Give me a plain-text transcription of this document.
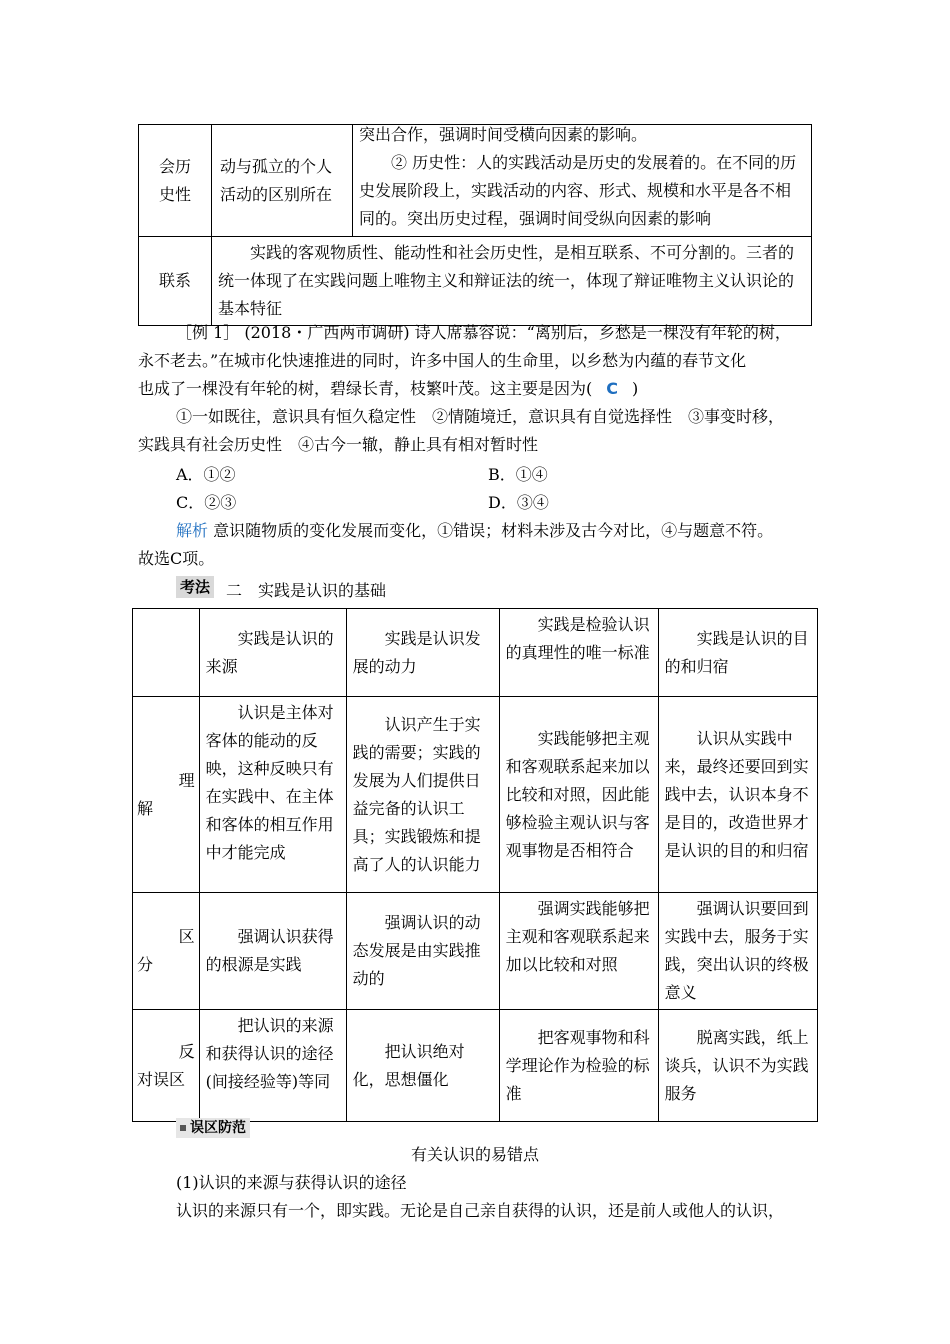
会历史性	动与孤立的个人活动的区别所在	突出合作，强调时间受横向因素的影响。
② 历史性：人的实践活动是历史的发展着的。在不同的历史发展阶段上，实践活动的内容、形式、规模和水平是各不相同的。突出历史过程，强调时间受纵向因素的影响

联系	实践的客观物质性、能动性和社会历史性，是相互联系、不可分割的。三者的统一体现了在实践问题上唯物主义和辩证法的统一，体现了辩证唯物主义认识论的基本特征	
［例 1］ (2018・广西两市调研) 诗人席慕容说：“离别后，乡愁是一棵没有年轮的树，
永不老去。”在城市化快速推进的同时，许多中国人的生命里，以乡愁为内蕴的春节文化
也成了一棵没有年轮的树，碧绿长青，枝繁叶茂。这主要是因为( C )
①一如既往，意识具有恒久稳定性　②情随境迁，意识具有自觉选择性　③事变时移，
实践具有社会历史性　④古今一辙，静止具有相对暂时性
A．①②	B．①④
C．②③	D．③④
解析 意识随物质的变化发展而变化，①错误；材料未涉及古今对比，④与题意不符。
故选C项。
考法 二　实践是认识的基础

	实践是认识的来源	实践是认识发展的动力	实践是检验认识的真理性的唯一标准	实践是认识的目的和归宿

理解	认识是主体对客体的能动的反映，这种反映只有在实践中、在主体和客体的相互作用中才能完成	认识产生于实践的需要；实践的发展为人们提供日益完备的认识工具；实践锻炼和提高了人的认识能力	实践能够把主观和客观联系起来加以比较和对照，因此能够检验主观认识与客观事物是否相符合	认识从实践中来，最终还要回到实践中去，认识本身不是目的，改造世界才是认识的目的和归宿

区分	强调认识获得的根源是实践	强调认识的动态发展是由实践推动的	强调实践能够把主观和客观联系起来加以比较和对照	强调认识要回到实践中去，服务于实践，突出认识的终极意义

反对误区	把认识的来源和获得认识的途径(间接经验等)等同	把认识绝对化，思想僵化	把客观事物和科学理论作为检验的标准	脱离实践，纸上谈兵，认识不为实践服务
误区防范
有关认识的易错点
(1)认识的来源与获得认识的途径
认识的来源只有一个，即实践。无论是自己亲自获得的认识，还是前人或他人的认识，
